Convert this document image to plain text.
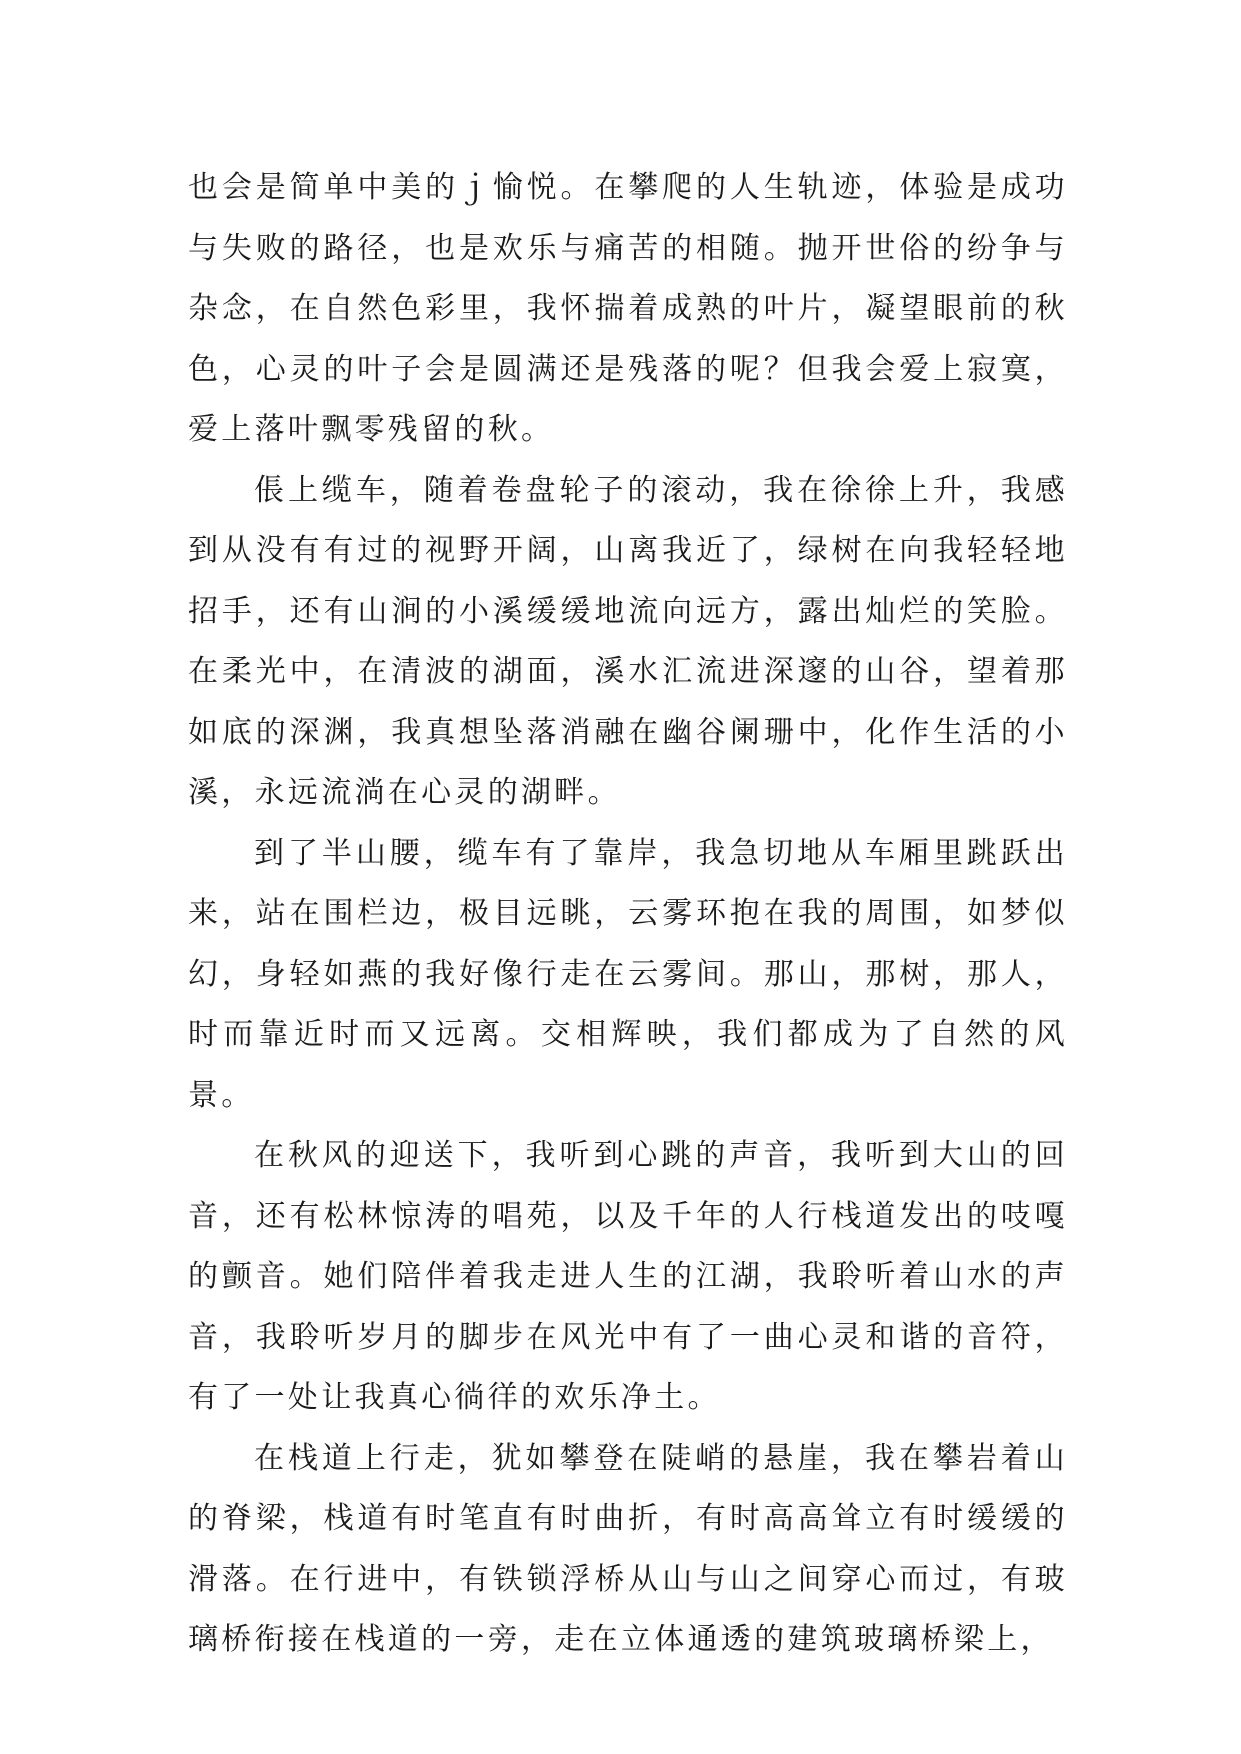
也会是简单中美的ｊ愉悦。在攀爬的人生轨迹，体验是成功与失败的路径，也是欢乐与痛苦的相随。抛开世俗的纷争与杂念，在自然色彩里，我怀揣着成熟的叶片，凝望眼前的秋色，心灵的叶子会是圆满还是残落的呢？但我会爱上寂寞，爱上落叶飘零残留的秋。

倀上缆车，随着卷盘轮子的滚动，我在徐徐上升，我感到从没有有过的视野开阔，山离我近了，绿树在向我轻轻地招手，还有山涧的小溪缓缓地流向远方，露出灿烂的笑脸。在柔光中，在清波的湖面，溪水汇流进深邃的山谷，望着那如底的深渊，我真想坠落消融在幽谷阑珊中，化作生活的小溪，永远流淌在心灵的湖畔。

到了半山腰，缆车有了靠岸，我急切地从车厢里跳跃出来，站在围栏边，极目远眺，云雾环抱在我的周围，如梦似幻，身轻如燕的我好像行走在云雾间。那山，那树，那人，时而靠近时而又远离。交相辉映，我们都成为了自然的风景。

在秋风的迎送下，我听到心跳的声音，我听到大山的回音，还有松林惊涛的唱苑，以及千年的人行栈道发出的吱嘎的颤音。她们陪伴着我走进人生的江湖，我聆听着山水的声音，我聆听岁月的脚步在风光中有了一曲心灵和谐的音符，有了一处让我真心徜徉的欢乐净土。

在栈道上行走，犹如攀登在陡峭的悬崖，我在攀岩着山的脊梁，栈道有时笔直有时曲折，有时高高耸立有时缓缓的滑落。在行进中，有铁锁浮桥从山与山之间穿心而过，有玻璃桥衔接在栈道的一旁，走在立体通透的建筑玻璃桥梁上，
